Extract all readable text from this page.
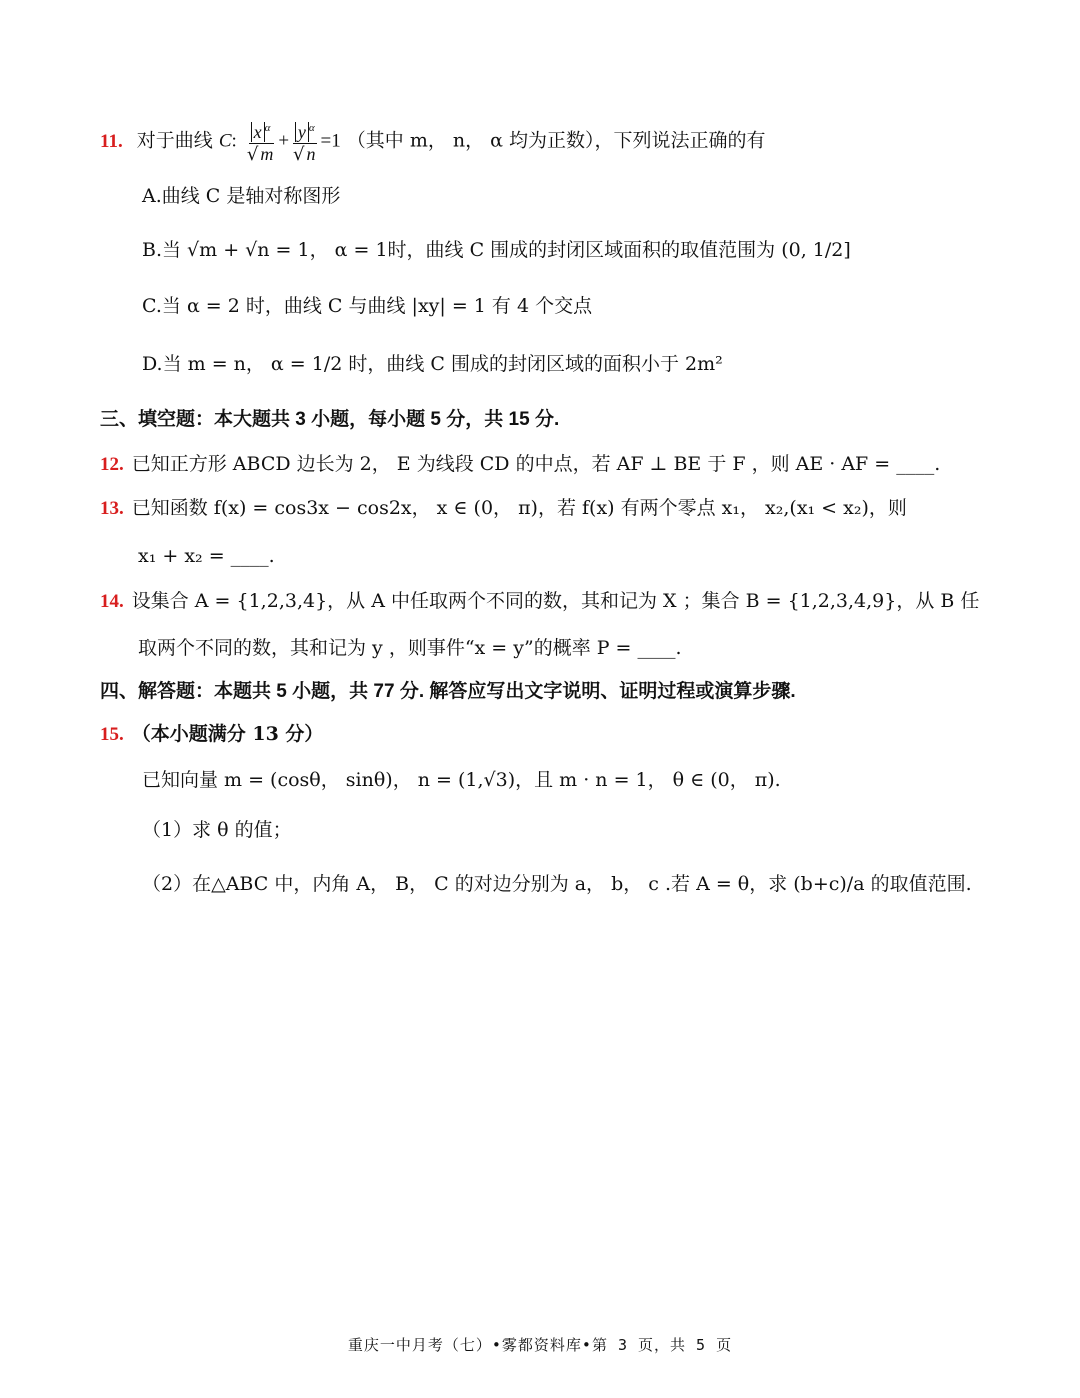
11. 对于曲线 C: $\frac{x ^\alpha}{√ m} + \frac{y ^\alpha}{√ n} =1$ （其中 m， n， α 均为正数），下列说法正确的有
A.曲线 C 是轴对称图形
B.当 √m + √n = 1， α = 1时，曲线 C 围成的封闭区域面积的取值范围为 (0, 1/2]
C.当 α = 2 时，曲线 C 与曲线 |xy| = 1 有 4 个交点
D.当 m = n， α = 1/2 时，曲线 C 围成的封闭区域的面积小于 2m²
三、填空题：本大题共 3 小题，每小题 5 分，共 15 分.
12. 已知正方形 ABCD 边长为 2， E 为线段 CD 的中点，若 AF ⊥ BE 于 F ，则 AE · AF = ____.
13. 已知函数 f(x) = cos3x − cos2x， x ∈ (0， π)，若 f(x) 有两个零点 x₁， x₂,(x₁ < x₂)，则
x₁ + x₂ = ____.
14. 设集合 A = {1,2,3,4}，从 A 中任取两个不同的数，其和记为 X ；集合 B = {1,2,3,4,9}，从 B 任
取两个不同的数，其和记为 y ，则事件“x = y”的概率 P = ____.
四、解答题：本题共 5 小题，共 77 分. 解答应写出文字说明、证明过程或演算步骤.
15. （本小题满分 13 分）
已知向量 m = (cosθ， sinθ)， n = (1,√3)，且 m · n = 1， θ ∈ (0， π).
（1）求 θ 的值；
（2）在△ABC 中，内角 A， B， C 的对边分别为 a， b， c .若 A = θ，求 (b+c)/a 的取值范围.
重庆一中月考（七）•雾都资料库•第 3 页，共 5 页
